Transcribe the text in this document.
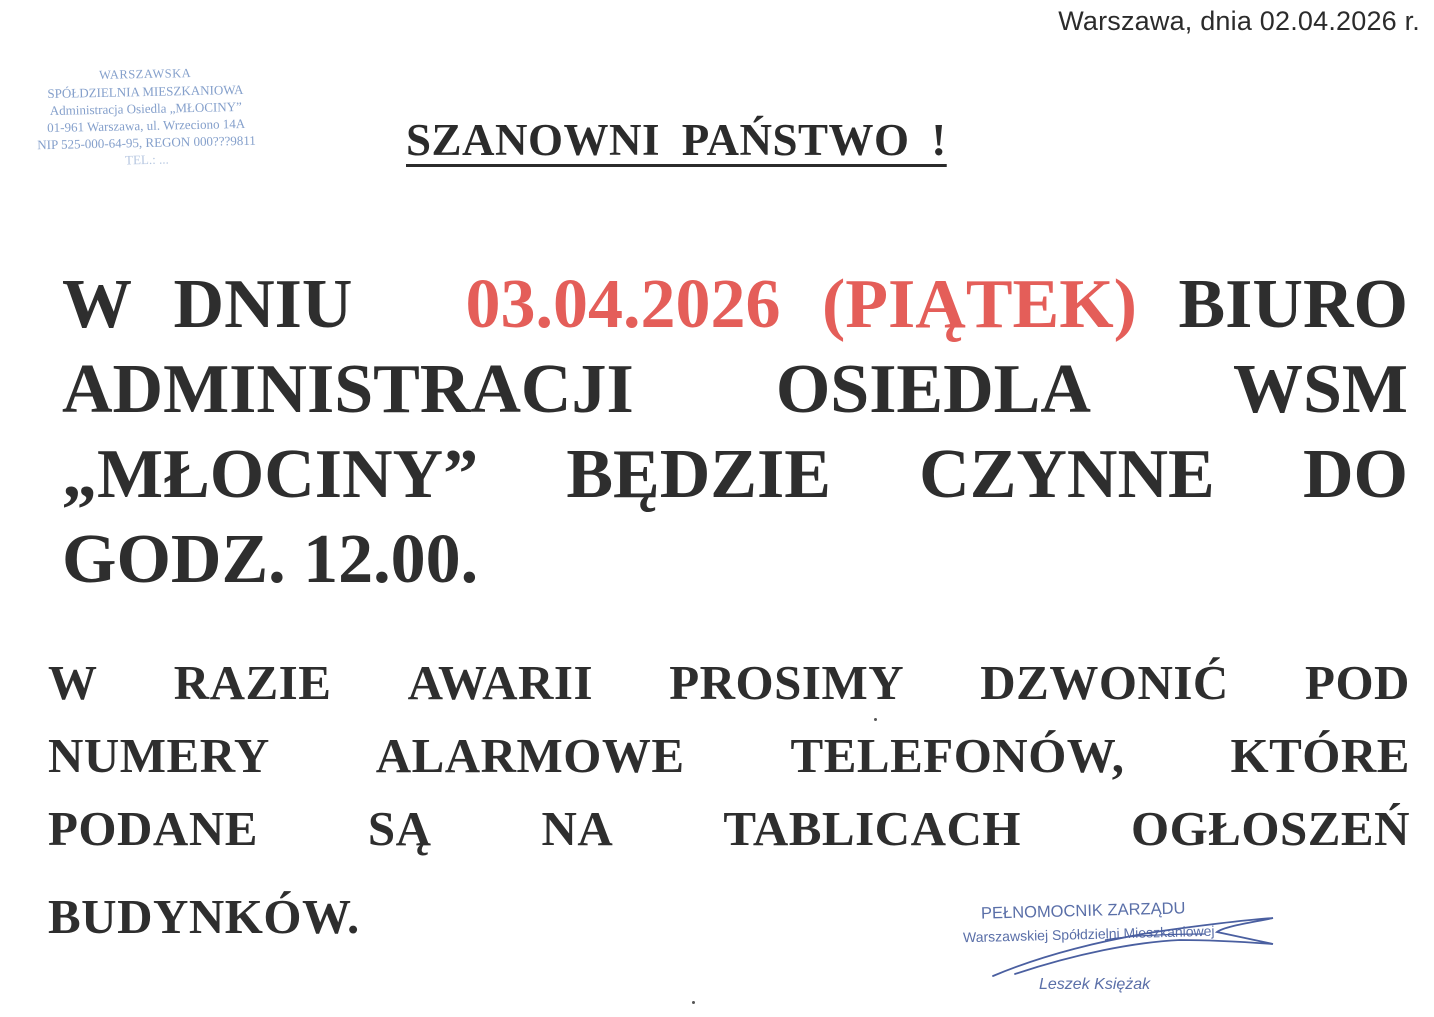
Warszawa, dnia 02.04.2026 r.
WARSZAWSKA
SPÓŁDZIELNIA MIESZKANIOWA
Administracja Osiedla „MŁOCINY”
01-961 Warszawa, ul. Wrzeciono 14A
NIP 525-000-64-95, REGON 000???9811
TEL.: ...	SZANOWNI PAŃSTWO !
W DNIU 03.04.2026 (PIĄTEK) BIURO
ADMINISTRACJI OSIEDLA WSM
„MŁOCINY” BĘDZIE CZYNNE DO
GODZ. 12.00.
W RAZIE AWARII PROSIMY DZWONIĆ POD
NUMERY ALARMOWE TELEFONÓW, KTÓRE
PODANE SĄ NA TABLICACH OGŁOSZEŃ
BUDYNKÓW.	PEŁNOMOCNIK ZARZĄDU
Warszawskiej Spółdzielni Mieszkaniowej
Leszek Księżak
